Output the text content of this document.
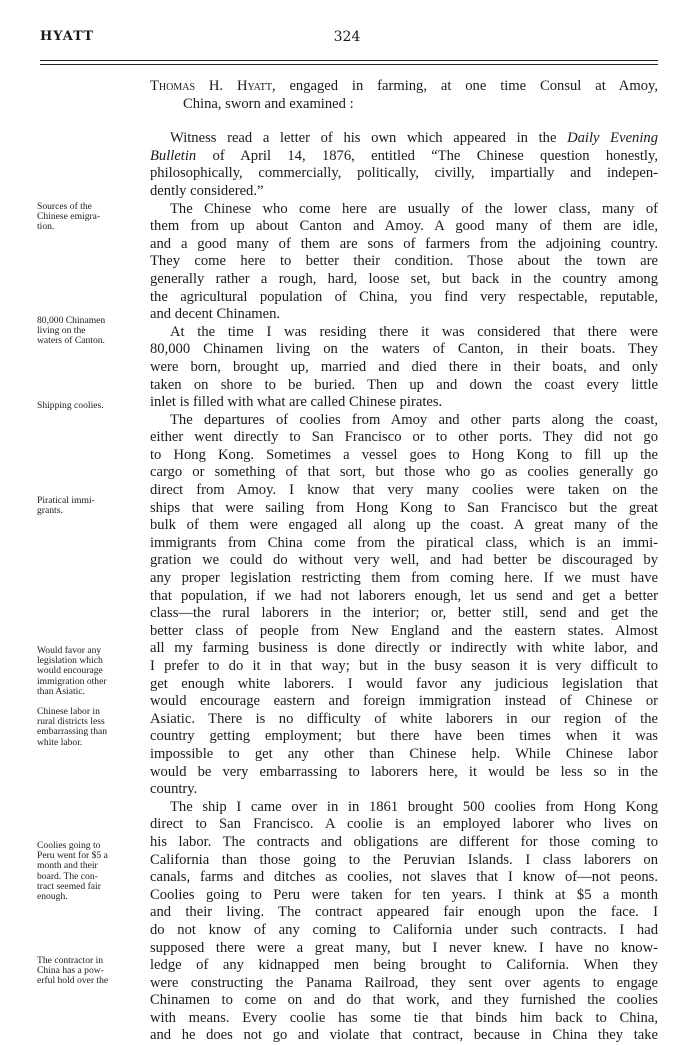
324
HYATT
Thomas H. Hyatt, engaged in farming, at one time Consul at Amoy,
China, sworn and examined :
Witness read a letter of his own which appeared in the Daily Evening
Bulletin of April 14, 1876, entitled “The Chinese question honestly,
philosophically, commercially, politically, civilly, impartially and indepen-
dently considered.”
The Chinese who come here are usually of the lower class, many of
them from up about Canton and Amoy. A good many of them are idle,
and a good many of them are sons of farmers from the adjoining country.
They come here to better their condition. Those about the town are
generally rather a rough, hard, loose set, but back in the country among
the agricultural population of China, you find very respectable, reputable,
and decent Chinamen.
At the time I was residing there it was considered that there were
80,000 Chinamen living on the waters of Canton, in their boats. They
were born, brought up, married and died there in their boats, and only
taken on shore to be buried. Then up and down the coast every little
inlet is filled with what are called Chinese pirates.
The departures of coolies from Amoy and other parts along the coast,
either went directly to San Francisco or to other ports. They did not go
to Hong Kong. Sometimes a vessel goes to Hong Kong to fill up the
cargo or something of that sort, but those who go as coolies generally go
direct from Amoy. I know that very many coolies were taken on the
ships that were sailing from Hong Kong to San Francisco but the great
bulk of them were engaged all along up the coast. A great many of the
immigrants from China come from the piratical class, which is an immi-
gration we could do without very well, and had better be discouraged by
any proper legislation restricting them from coming here. If we must have
that population, if we had not laborers enough, let us send and get a better
class—the rural laborers in the interior; or, better still, send and get the
better class of people from New England and the eastern states. Almost
all my farming business is done directly or indirectly with white labor, and
I prefer to do it in that way; but in the busy season it is very difficult to
get enough white laborers. I would favor any judicious legislation that
would encourage eastern and foreign immigration instead of Chinese or
Asiatic. There is no difficulty of white laborers in our region of the
country getting employment; but there have been times when it was
impossible to get any other than Chinese help. While Chinese labor
would be very embarrassing to laborers here, it would be less so in the
country.
The ship I came over in in 1861 brought 500 coolies from Hong Kong
direct to San Francisco. A coolie is an employed laborer who lives on
his labor. The contracts and obligations are different for those coming to
California than those going to the Peruvian Islands. I class laborers on
canals, farms and ditches as coolies, not slaves that I know of—not peons.
Coolies going to Peru were taken for ten years. I think at $5 a month
and their living. The contract appeared fair enough upon the face. I
do not know of any coming to California under such contracts. I had
supposed there were a great many, but I never knew. I have no know-
ledge of any kidnapped men being brought to California. When they
were constructing the Panama Railroad, they sent over agents to engage
Chinamen to come on and do that work, and they furnished the coolies
with means. Every coolie has some tie that binds him back to China,
and he does not go and violate that contract, because in China they take
Sources of the
Chinese emigra-
tion.
80,000 Chinamen
living on the
waters of Canton.
Shipping coolies.
Piratical immi-
grants.
Would favor any
legislation which
would encourage
immigration other
than Asiatic.
Chinese labor in
rural districts less
embarrassing than
white labor.
Coolies going to
Peru went for $5 a
month and their
board. The con-
tract seemed fair
enough.
The contractor in
China has a pow-
erful hold over the
